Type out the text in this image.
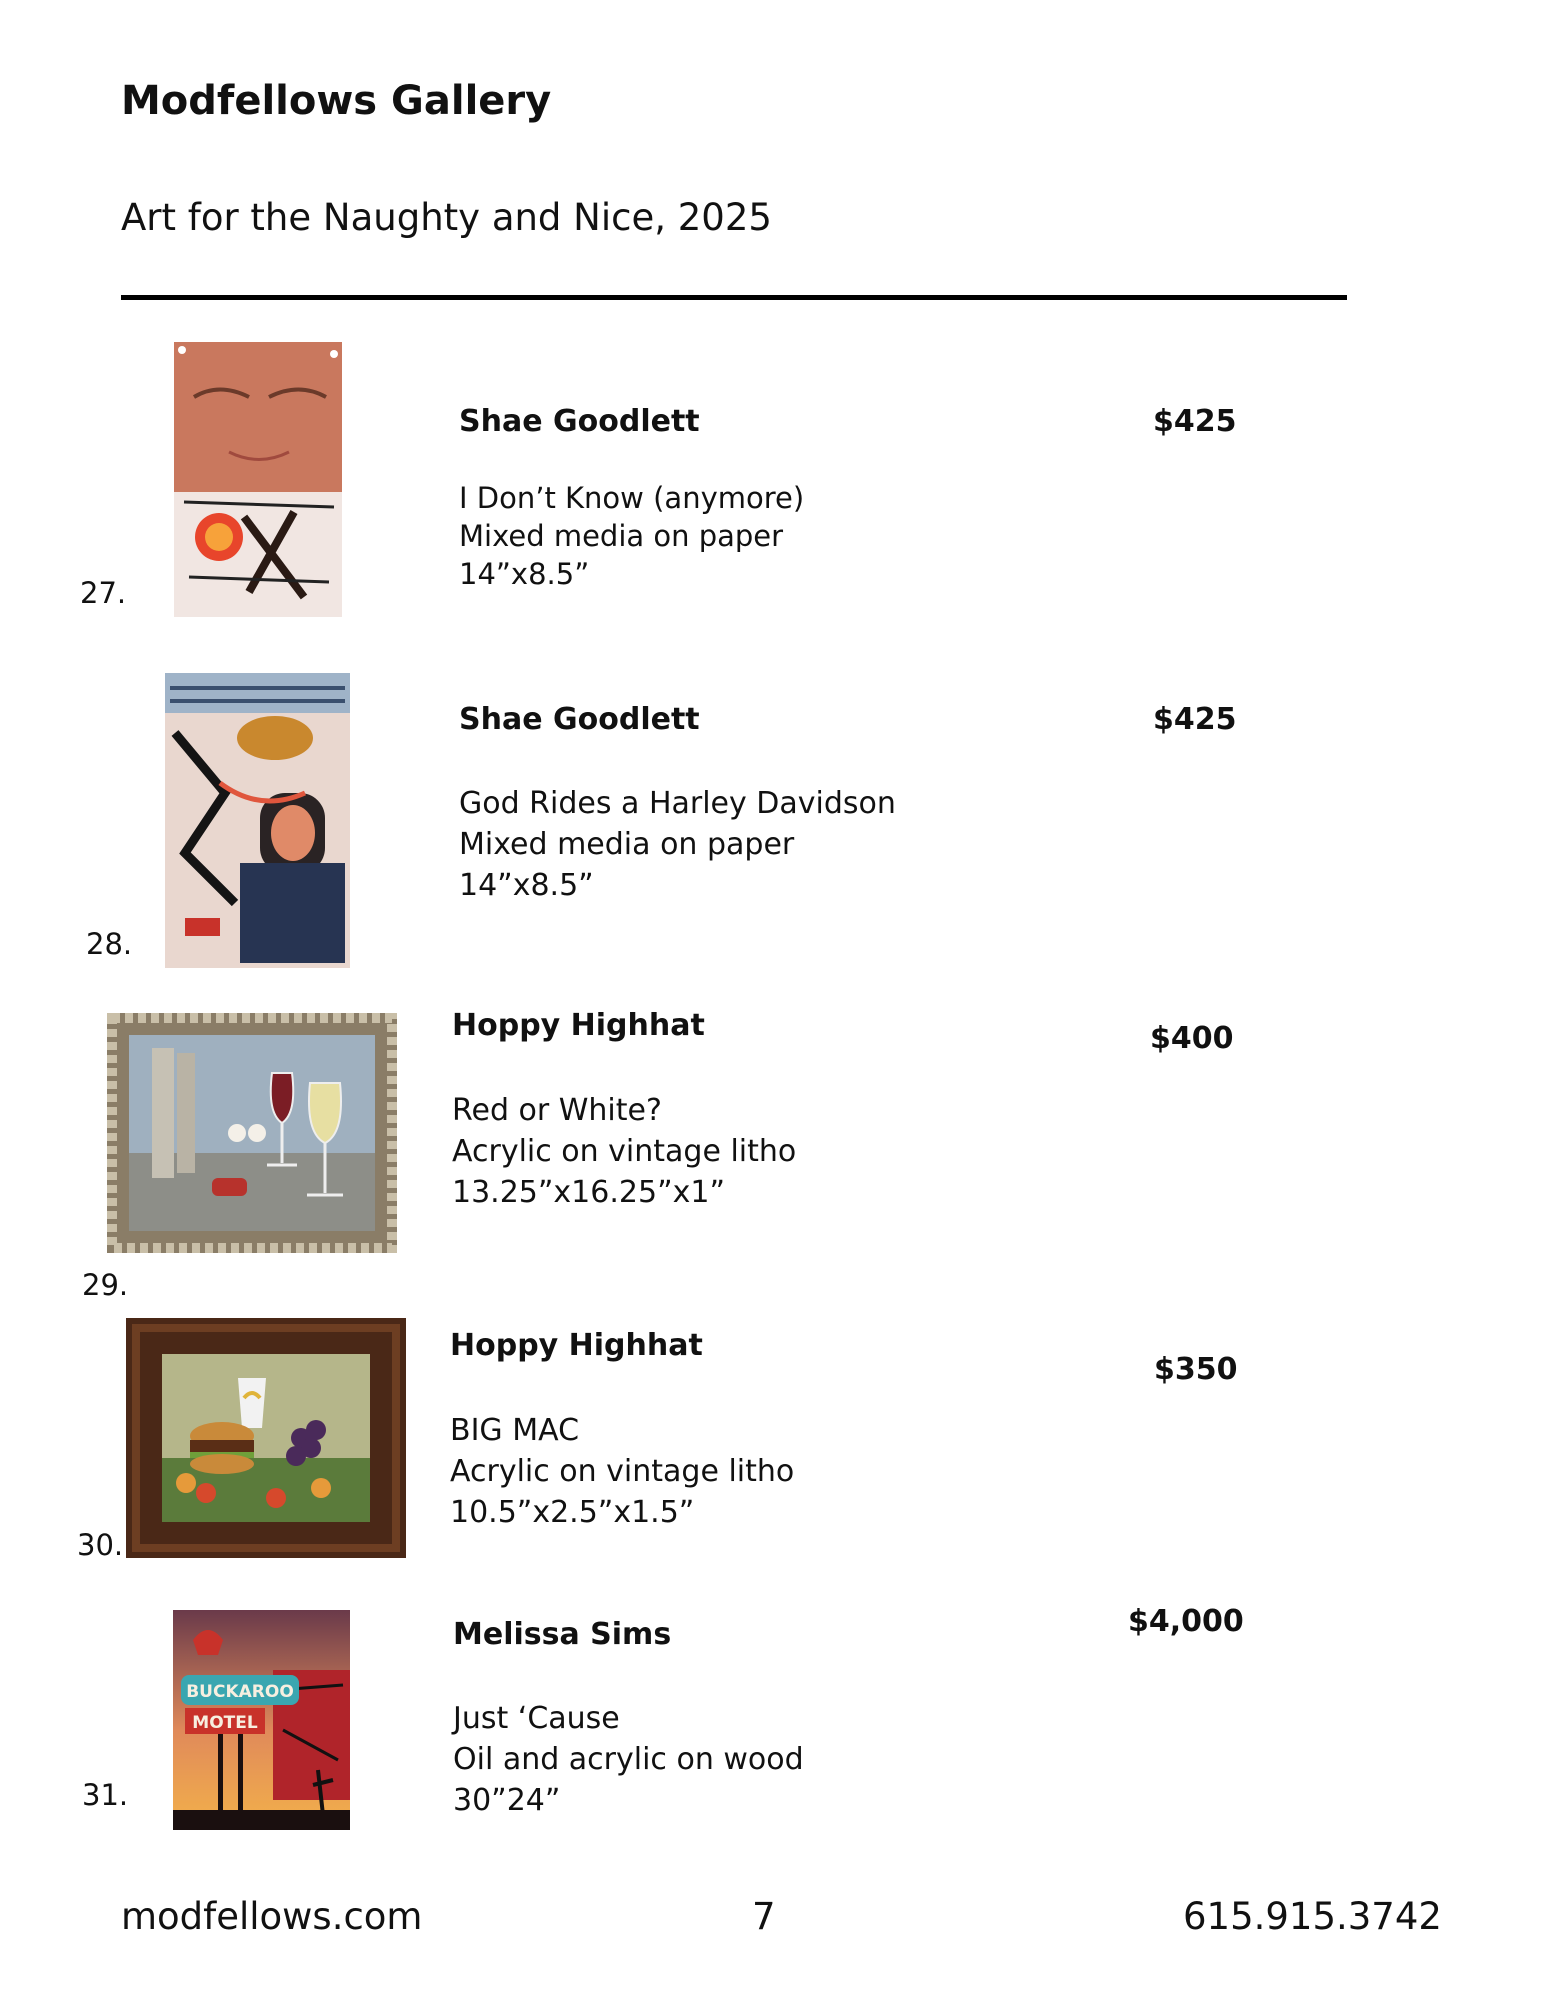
Modfellows Gallery
Art for the Naughty and Nice, 2025
27.
Shae Goodlett
I Don’t Know (anymore)
Mixed media on paper
14”x8.5”
$425
28.
Shae Goodlett
God Rides a Harley Davidson
Mixed media on paper
14”x8.5”
$425
29.
Hoppy Highhat
Red or White?
Acrylic on vintage litho
13.25”x16.25”x1”
$400
30.
Hoppy Highhat
BIG MAC
Acrylic on vintage litho
10.5”x2.5”x1.5”
$350
BUCKAROO
MOTEL
31.
Melissa Sims
Just ‘Cause
Oil and acrylic on wood
30”24”
$4,000
modfellows.com	7	615.915.3742
